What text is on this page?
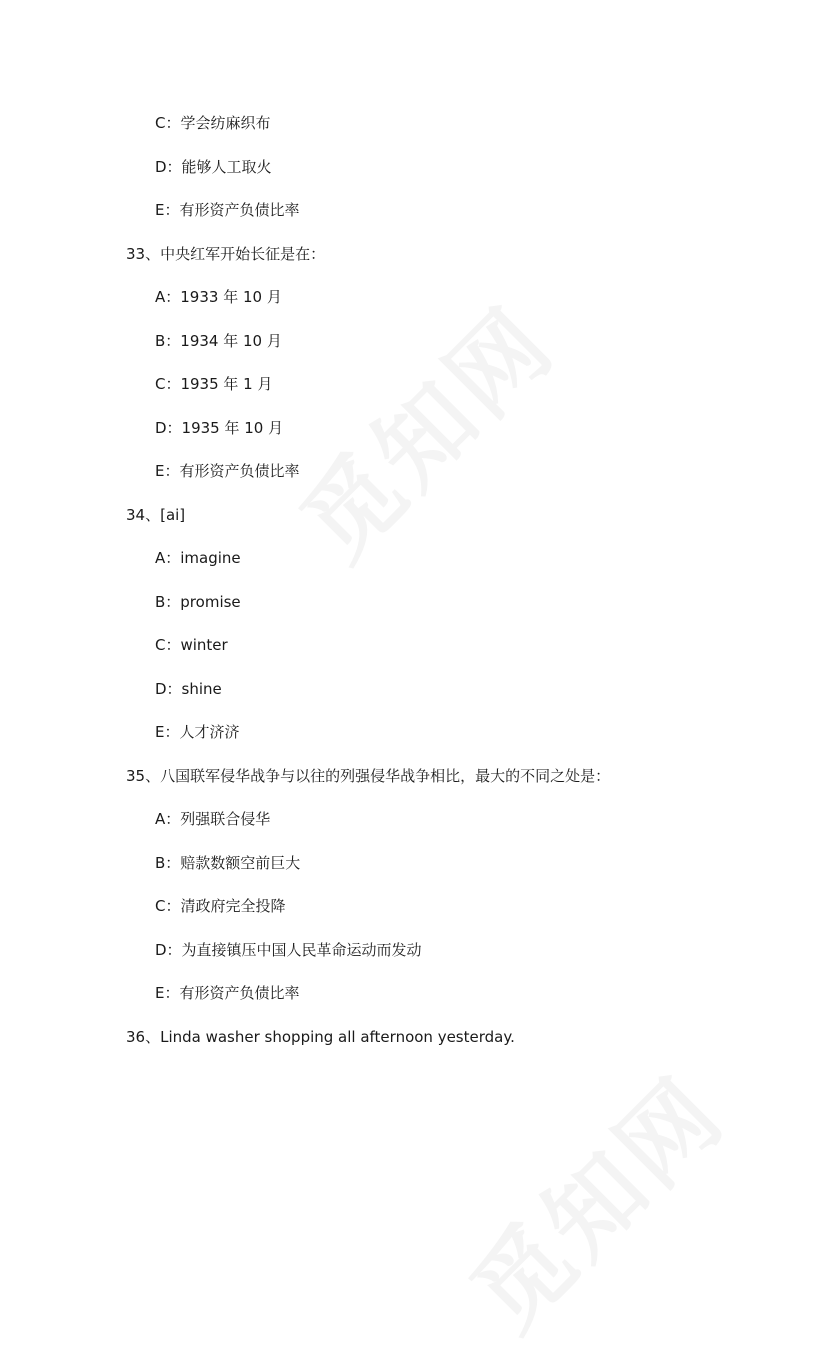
C：学会纺麻织布
D：能够人工取火
E：有形资产负债比率
33、中央红军开始长征是在：
A：1933 年 10 月
B：1934 年 10 月
C：1935 年 1 月
D：1935 年 10 月
E：有形资产负债比率
34、[ai]
A：imagine
B：promise
C：winter
D：shine
E：人才济济
35、八国联军侵华战争与以往的列强侵华战争相比，最大的不同之处是：
A：列强联合侵华
B：赔款数额空前巨大
C：清政府完全投降
D：为直接镇压中国人民革命运动而发动
E：有形资产负债比率
36、Linda washer shopping all afternoon yesterday.
